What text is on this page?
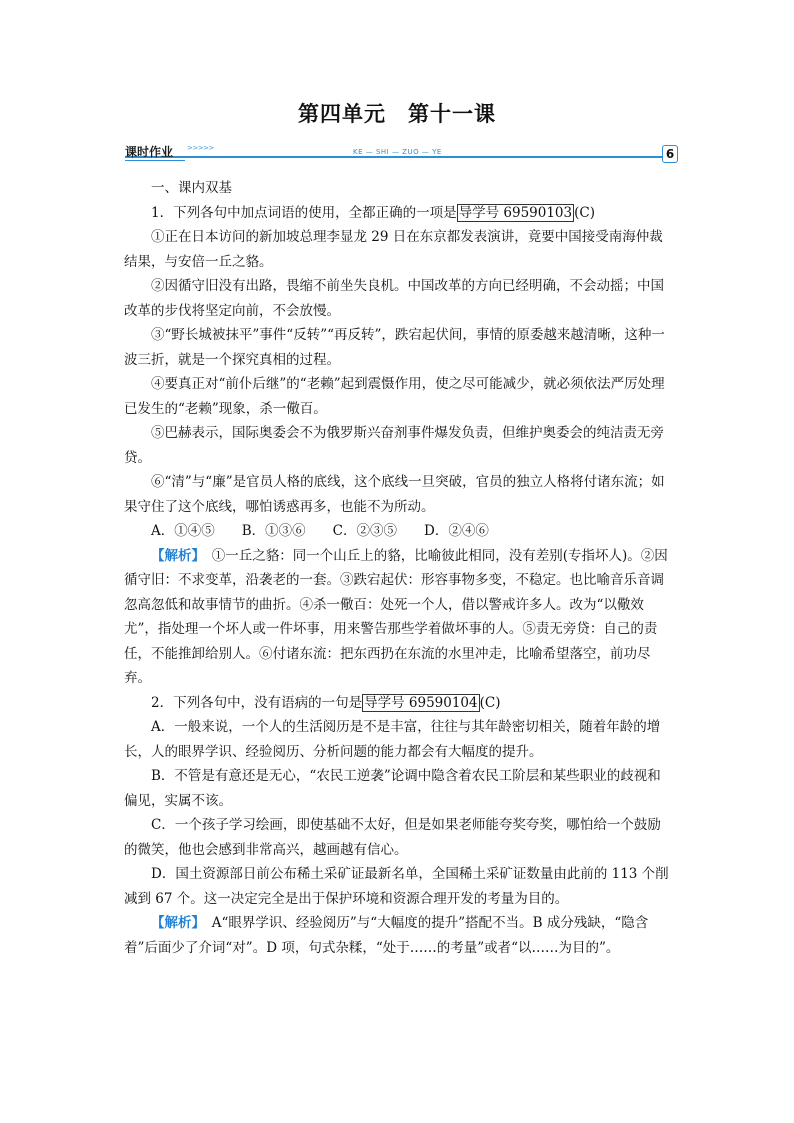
第四单元 第十一课
课时作业 >>>>>	KE — SHI — ZUO — YE	6

一、课内双基

1．下列各句中加点词语的使用，全都正确的一项是 导学号 69590103 (C)

①正在日本访问的新加坡总理李显龙 29 日在东京都发表演讲，竟要中国接受南海仲裁结果，与安倍一丘之貉。

②因循守旧没有出路，畏缩不前坐失良机。中国改革的方向已经明确，不会动摇；中国改革的步伐将坚定向前，不会放慢。

③“野长城被抹平”事件“反转”“再反转”，跌宕起伏间，事情的原委越来越清晰，这种一波三折，就是一个探究真相的过程。

④要真正对“前仆后继”的“老赖”起到震慑作用，使之尽可能减少，就必须依法严厉处理已发生的“老赖”现象，杀一儆百。

⑤巴赫表示，国际奥委会不为俄罗斯兴奋剂事件爆发负责，但维护奥委会的纯洁责无旁贷。

⑥“清”与“廉”是官员人格的底线，这个底线一旦突破，官员的独立人格将付诸东流；如果守住了这个底线，哪怕诱惑再多，也能不为所动。

A．①④⑤　　B．①③⑥　　C．②③⑤　　D．②④⑥

【解析】　 ①一丘之貉：同一个山丘上的貉，比喻彼此相同，没有差别(专指坏人)。②因循守旧：不求变革，沿袭老的一套。③跌宕起伏：形容事物多变，不稳定。也比喻音乐音调忽高忽低和故事情节的曲折。④杀一儆百：处死一个人，借以警戒许多人。改为“以儆效尤”，指处理一个坏人或一件坏事，用来警告那些学着做坏事的人。⑤责无旁贷：自己的责任，不能推卸给别人。⑥付诸东流：把东西扔在东流的水里冲走，比喻希望落空，前功尽弃。

2．下列各句中，没有语病的一句是 导学号 69590104 (C)

A．一般来说，一个人的生活阅历是不是丰富，往往与其年龄密切相关，随着年龄的增长，人的眼界学识、经验阅历、分析问题的能力都会有大幅度的提升。

B．不管是有意还是无心，“农民工逆袭”论调中隐含着农民工阶层和某些职业的歧视和偏见，实属不该。

C．一个孩子学习绘画，即使基础不太好，但是如果老师能夸奖夸奖，哪怕给一个鼓励的微笑，他也会感到非常高兴，越画越有信心。

D．国土资源部日前公布稀土采矿证最新名单，全国稀土采矿证数量由此前的 113 个削减到 67 个。这一决定完全是出于保护环境和资源合理开发的考量为目的。

【解析】　 A“眼界学识、经验阅历”与“大幅度的提升”搭配不当。B 成分残缺，“隐含着”后面少了介词“对”。D 项，句式杂糅，“处于……的考量”或者“以……为目的”。
